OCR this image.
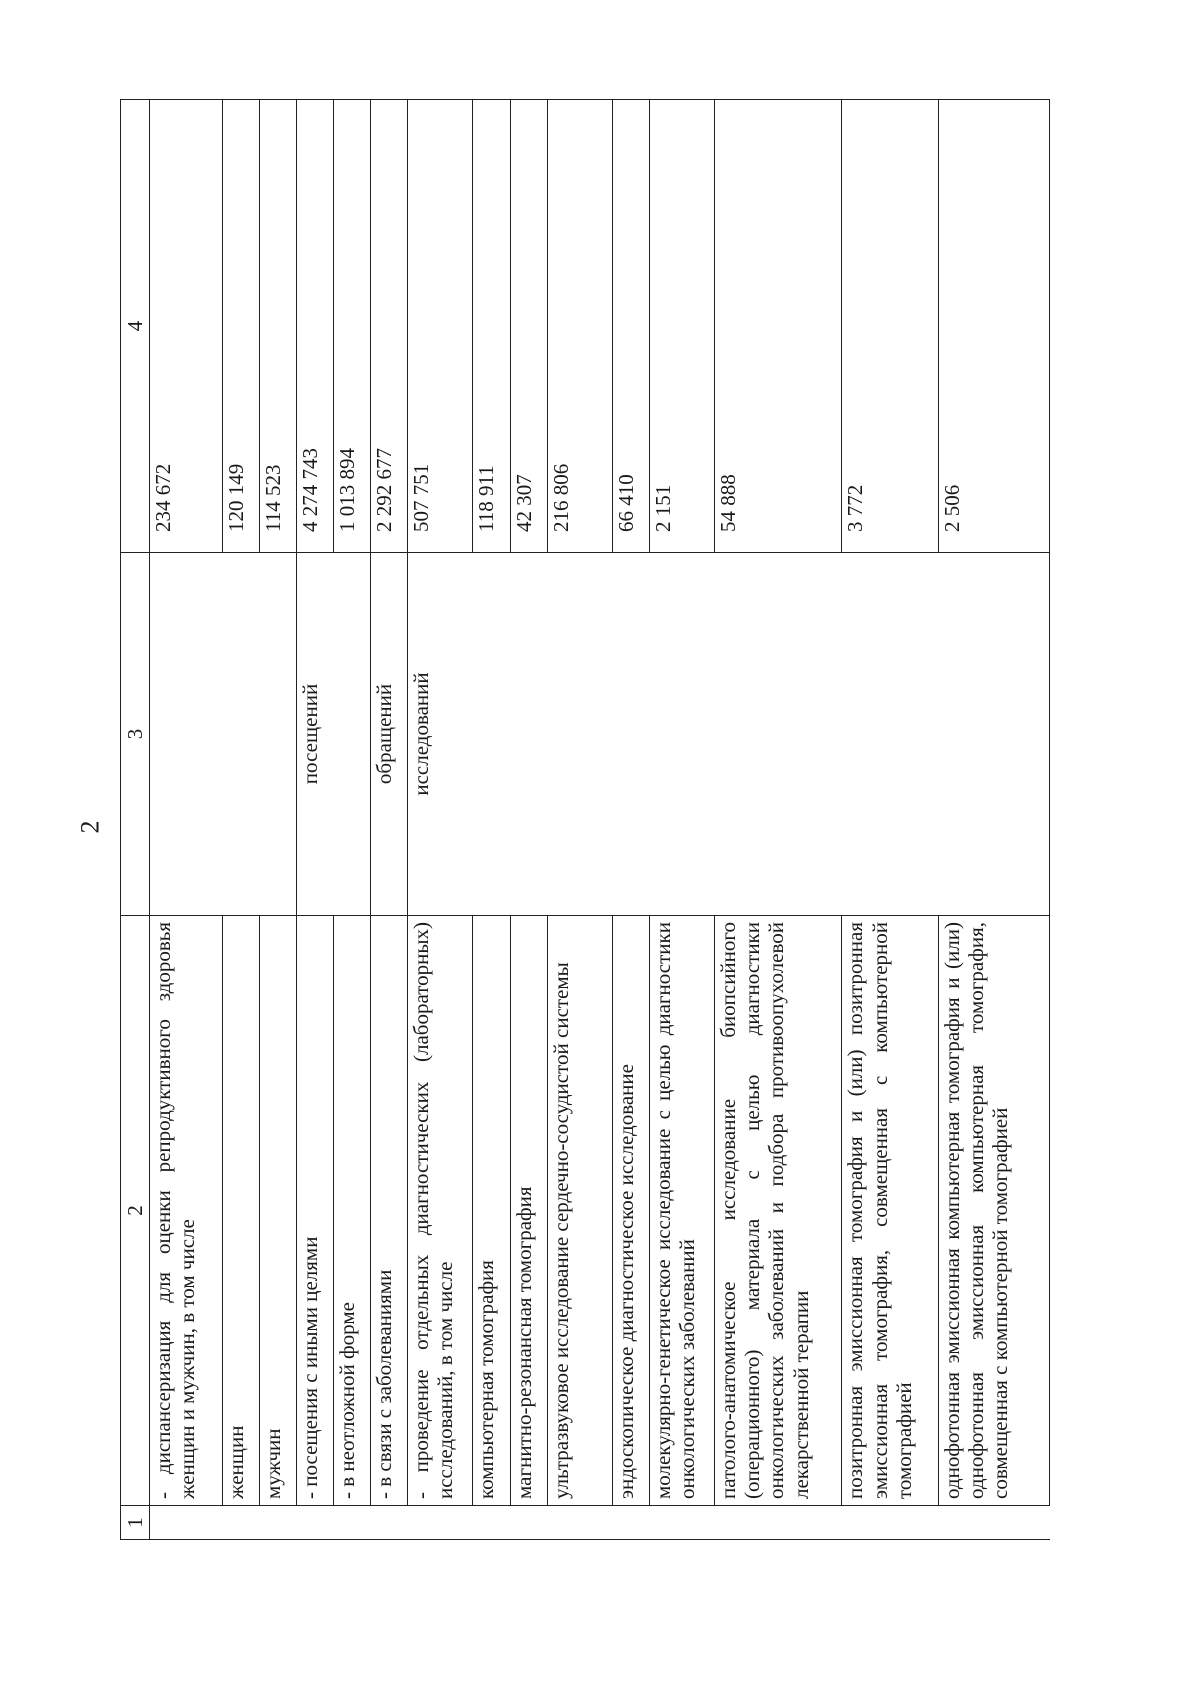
2
1	2	3	4
	- диспансеризация для оценки репродуктивного здоровья женщин и мужчин, в том числе		234 672
	женщин		120 149
	мужчин		114 523
	- посещения с иными целями	посещений	4 274 743
	- в неотложной форме		1 013 894
	- в связи с заболеваниями	обращений	2 292 677
	- проведение отдельных диагностических (лабораторных) исследований, в том числе	исследований	507 751
	компьютерная томография		118 911
	магнитно-резонансная томография		42 307
	ультразвуковое исследование сердечно-сосудистой системы		216 806
	эндоскопическое диагностическое исследование		66 410
	молекулярно-генетическое исследование с целью диагностики онкологических заболеваний		2 151
	патолого-анатомическое исследование биопсийного (операционного) материала с целью диагностики онкологических заболеваний и подбора противоопухолевой лекарственной терапии		54 888
	позитронная эмиссионная томография и (или) позитронная эмиссионная томография, совмещенная с компьютерной томографией		3 772
	однофотонная эмиссионная компьютерная томография и (или) однофотонная эмиссионная компьютерная томография, совмещенная с компьютерной томографией		2 506
